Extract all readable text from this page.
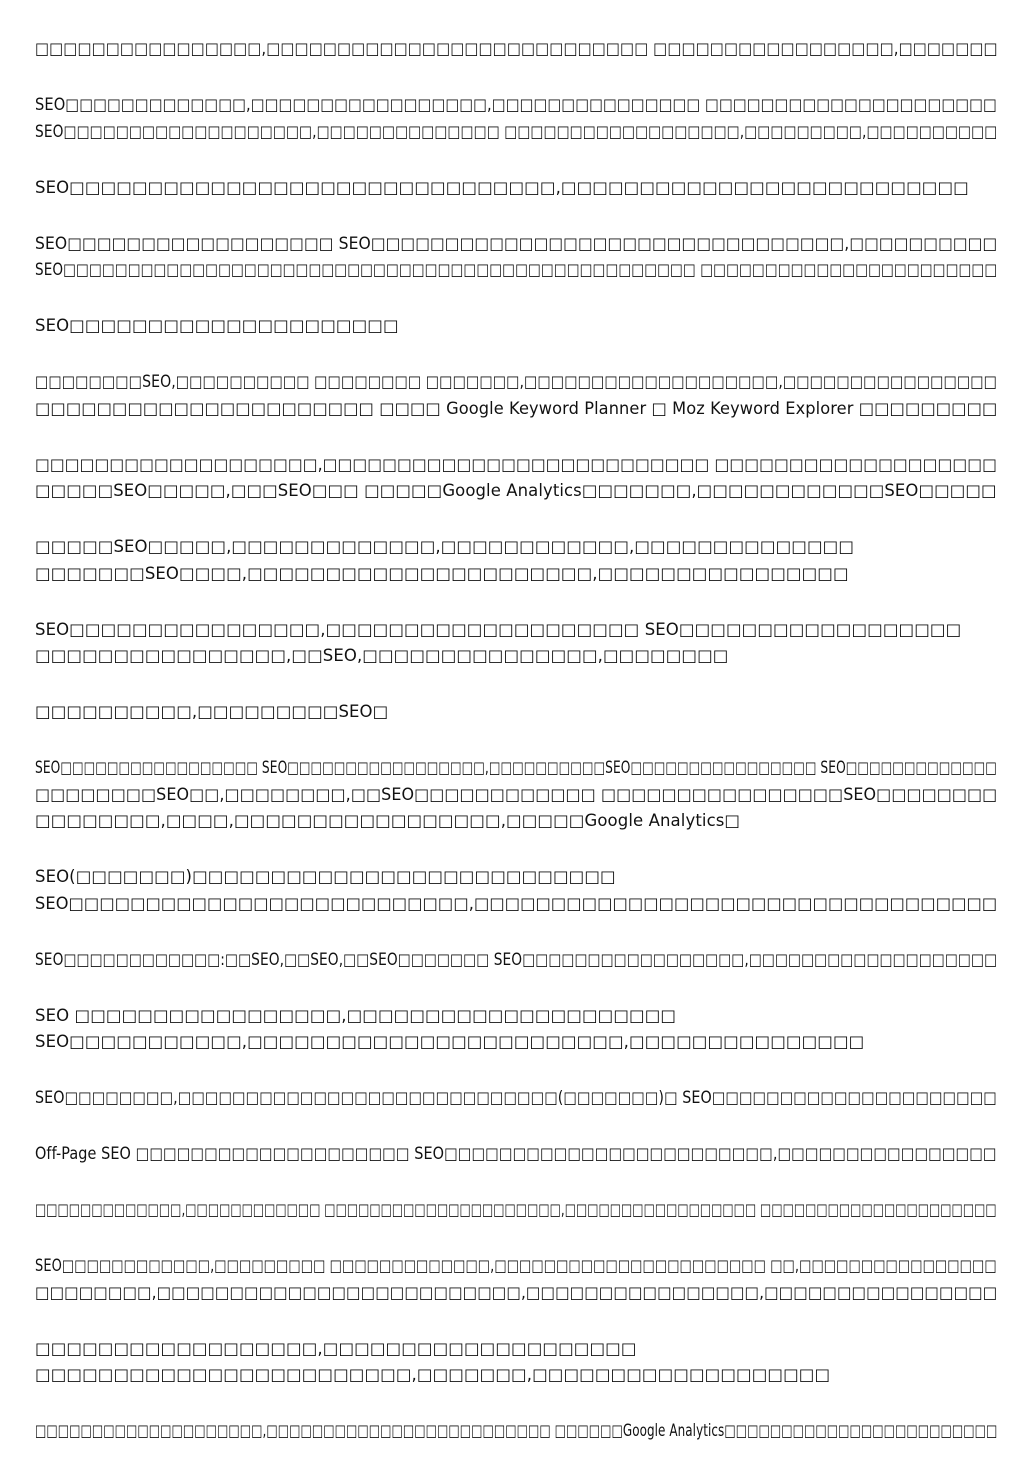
□□□□□□□□□□□□□□□□,□□□□□□□□□□□□□□□□□□□□□□□□□□□ □□□□□□□□□□□□□□□□□,□□□□□□□
SEO□□□□□□□□□□□□□,□□□□□□□□□□□□□□□□□,□□□□□□□□□□□□□□□ □□□□□□□□□□□□□□□□□□□□□
SEO□□□□□□□□□□□□□□□□□□□,□□□□□□□□□□□□□□ □□□□□□□□□□□□□□□□□□,□□□□□□□□□,□□□□□□□□□□
SEO□□□□□□□□□□□□□□□□□□□□□□□□□□□□□□□,□□□□□□□□□□□□□□□□□□□□□□□□□□
SEO□□□□□□□□□□□□□□□□□□ SEO□□□□□□□□□□□□□□□□□□□□□□□□□□□□□□□□,□□□□□□□□□□
SEO□□□□□□□□□□□□□□□□□□□□□□□□□□□□□□□□□□□□□□□□□□□□□□□□□ □□□□□□□□□□□□□□□□□□□□□□□
SEO□□□□□□□□□□□□□□□□□□□□□
□□□□□□□□SEO,□□□□□□□□□□ □□□□□□□□ □□□□□□□,□□□□□□□□□□□□□□□□□□□,□□□□□□□□□□□□□□□□
□□□□□□□□□□□□□□□□□□□□□□ □□□□ Google Keyword Planner □ Moz Keyword Explorer □□□□□□□□□
□□□□□□□□□□□□□□□□□□□,□□□□□□□□□□□□□□□□□□□□□□□□□□ □□□□□□□□□□□□□□□□□□□
□□□□□SEO□□□□□,□□□SEO□□□ □□□□□Google Analytics□□□□□□□,□□□□□□□□□□□□SEO□□□□□
□□□□□SEO□□□□□,□□□□□□□□□□□□□,□□□□□□□□□□□□,□□□□□□□□□□□□□□
□□□□□□□SEO□□□□,□□□□□□□□□□□□□□□□□□□□□□,□□□□□□□□□□□□□□□□
SEO□□□□□□□□□□□□□□□□,□□□□□□□□□□□□□□□□□□□□ SEO□□□□□□□□□□□□□□□□□□
□□□□□□□□□□□□□□□□,□□SEO,□□□□□□□□□□□□□□□,□□□□□□□□
□□□□□□□□□□,□□□□□□□□□SEO□
SEO□□□□□□□□□□□□□□□□□ SEO□□□□□□□□□□□□□□□□□,□□□□□□□□□□SEO□□□□□□□□□□□□□□□□ SEO□□□□□□□□□□□□□
□□□□□□□□SEO□□,□□□□□□□□,□□SEO□□□□□□□□□□□□ □□□□□□□□□□□□□□□□SEO□□□□□□□□
□□□□□□□□,□□□□,□□□□□□□□□□□□□□□□□,□□□□□Google Analytics□
SEO(□□□□□□□)□□□□□□□□□□□□□□□□□□□□□□□□□□□
SEO□□□□□□□□□□□□□□□□□□□□□□□□□□,□□□□□□□□□□□□□□□□□□□□□□□□□□□□□□□□□□
SEO□□□□□□□□□□□□:□□SEO,□□SEO,□□SEO□□□□□□□ SEO□□□□□□□□□□□□□□□□□,□□□□□□□□□□□□□□□□□□□
SEO □□□□□□□□□□□□□□□□□,□□□□□□□□□□□□□□□□□□□□□
SEO□□□□□□□□□□□,□□□□□□□□□□□□□□□□□□□□□□□□,□□□□□□□□□□□□□□□
SEO□□□□□□□□,□□□□□□□□□□□□□□□□□□□□□□□□□□□□(□□□□□□□)□ SEO□□□□□□□□□□□□□□□□□□□□□
Off-Page SEO □□□□□□□□□□□□□□□□□□□□ SEO□□□□□□□□□□□□□□□□□□□□□□□□,□□□□□□□□□□□□□□□□
□□□□□□□□□□□□□,□□□□□□□□□□□□ □□□□□□□□□□□□□□□□□□□□□,□□□□□□□□□□□□□□□□□ □□□□□□□□□□□□□□□□□□□□□
SEO□□□□□□□□□□□□,□□□□□□□□□ □□□□□□□□□□□□□,□□□□□□□□□□□□□□□□□□□□□□ □□,□□□□□□□□□□□□□□□□
□□□□□□□□,□□□□□□□□□□□□□□□□□□□□□□□□□,□□□□□□□□□□□□□□□□,□□□□□□□□□□□□□□□□
□□□□□□□□□□□□□□□□□□,□□□□□□□□□□□□□□□□□□□□
□□□□□□□□□□□□□□□□□□□□□□□□,□□□□□□□,□□□□□□□□□□□□□□□□□□□
□□□□□□□□□□□□□□□□□□□□,□□□□□□□□□□□□□□□□□□□□□□□□□ □□□□□□Google Analytics□□□□□□□□□□□□□□□□□□□□□□□□
